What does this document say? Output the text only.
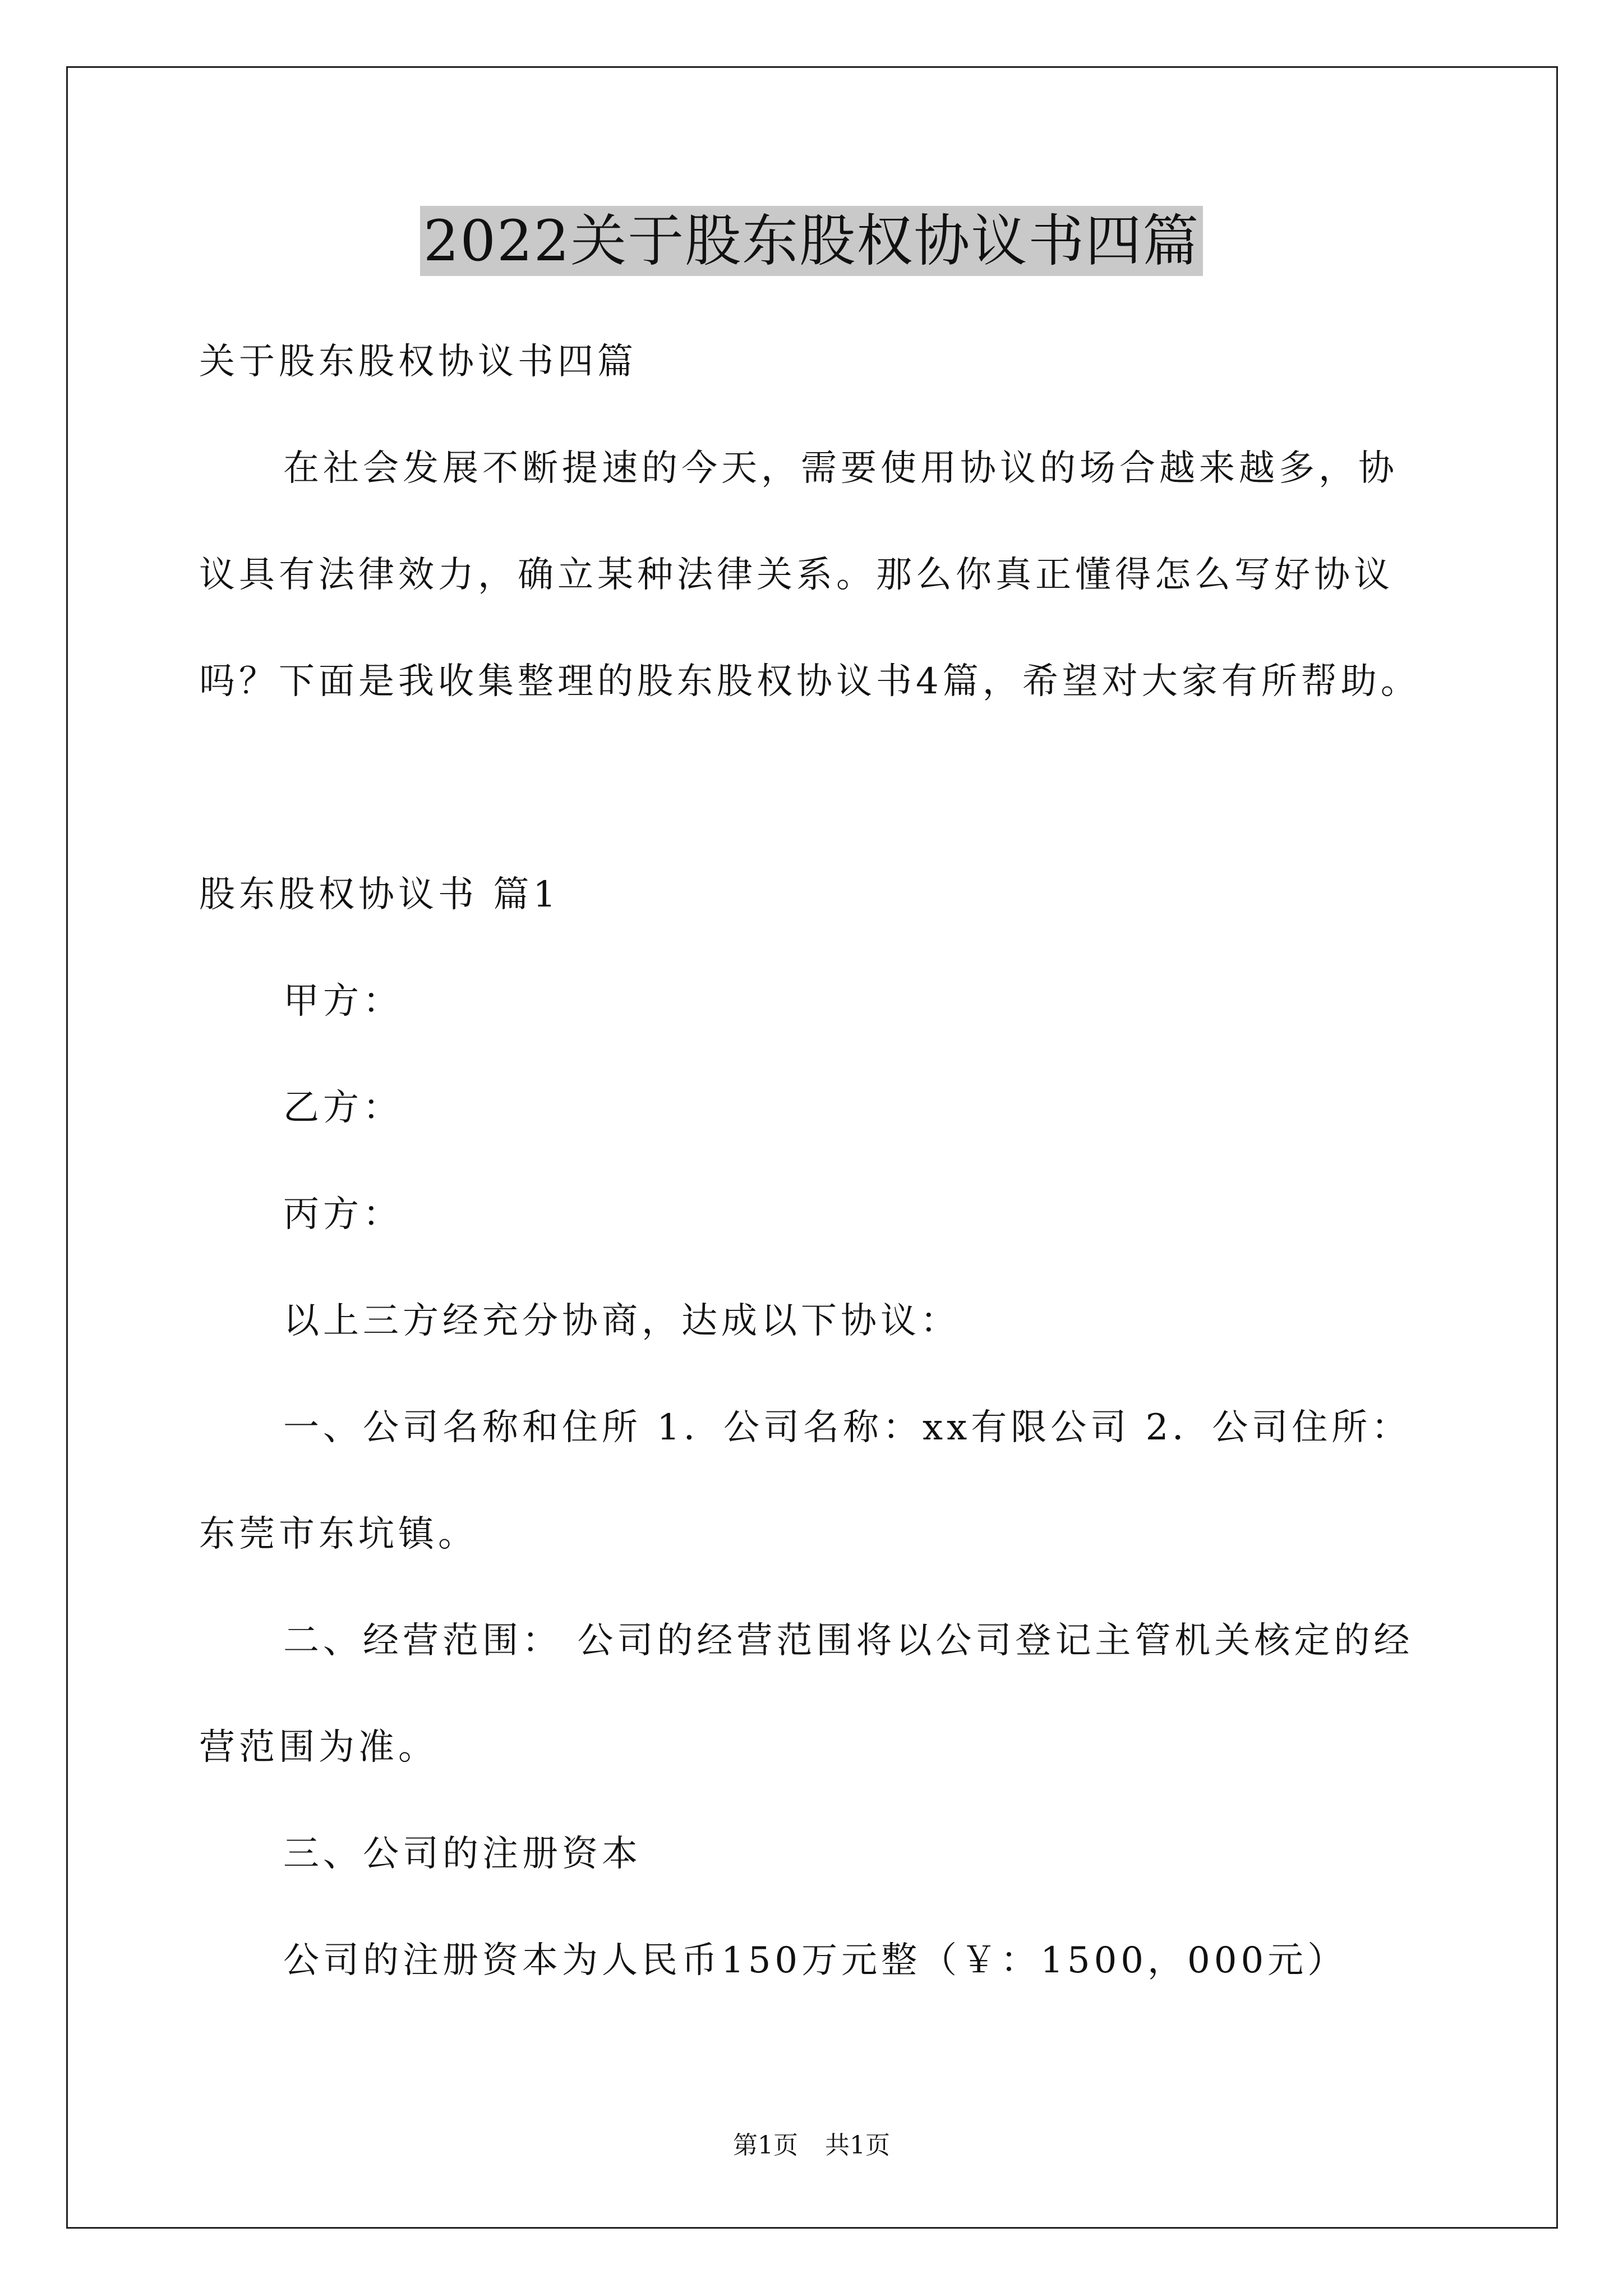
2022关于股东股权协议书四篇

关于股东股权协议书四篇

在社会发展不断提速的今天，需要使用协议的场合越来越多，协

议具有法律效力，确立某种法律关系。那么你真正懂得怎么写好协议

吗？下面是我收集整理的股东股权协议书4篇，希望对大家有所帮助。

股东股权协议书 篇1

甲方：

乙方：

丙方：

以上三方经充分协商，达成以下协议：

一、公司名称和住所 1．公司名称：xx有限公司 2．公司住所：

东莞市东坑镇。

二、经营范围： 公司的经营范围将以公司登记主管机关核定的经

营范围为准。

三、公司的注册资本

公司的注册资本为人民币150万元整（￥：1500，000元）

第1页 共1页
